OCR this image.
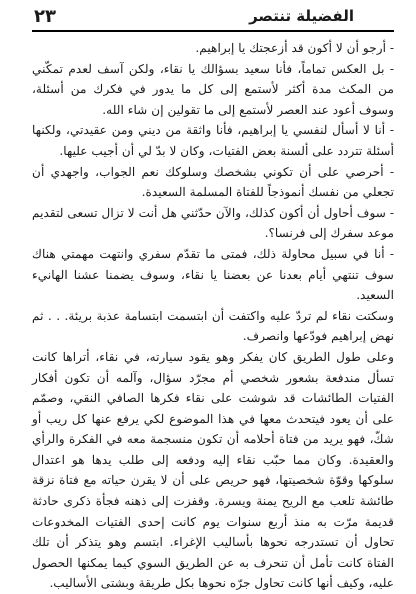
٢٣	الفضيلة تنتصر

- أرجو أن لا أكون قد أزعجتك يا إبراهيم.

- بل العكس تماماً، فأنا سعيد بسؤالك يا نقاء، ولكن آسف لعدم تمكّني من المكث مدة أكثر لأستمع إلى كل ما يدور في فكرك من أسئلة، وسوف أعود عند العصر لأستمع إلى ما تقولين إن شاء الله.

- أنا لا أسأل لنفسي يا إبراهيم، فأنا واثقة من ديني ومن عقيدتي، ولكنها أسئلة تتردد على ألسنة بعض الفتيات، وكان لا بدّ لي أن أجيب عليها.

- أحرصي على أن تكوني بشخصك وسلوكك نعم الجواب، واجهدي أن تجعلي من نفسك أنموذجاً للفتاة المسلمة السعيدة.

- سوف أحاول أن أكون كذلك، والآن حدّثني هل أنت لا تزال تسعى لتقديم موعد سفرك إلى فرنسا؟.

- أنا في سبيل محاولة ذلك، فمتى ما تقدّم سفري وانتهت مهمتي هناك سوف تنتهي أيام بعدنا عن بعضنا يا نقاء، وسوف يضمنا عشنا الهانيء السعيد.

وسكتت نقاء لم تردّ عليه واكتفت أن ابتسمت ابتسامة عذبة بريئة. . . ثم نهض إبراهيم فودّعها وانصرف.

وعلى طول الطريق كان يفكر وهو يقود سيارته، في نقاء، أتراها كانت تسأل مندفعة بشعور شخصي أم مجرّد سؤال، وآلمه أن تكون أفكار الفتيات الطائشات قد شوشت على نقاء فكرها الصافي النقي، وصمّم على أن يعود فيتحدث معها في هذا الموضوع لكي يرفع عنها كل ريب أو شكّ، فهو يريد من فتاة أحلامه أن تكون منسجمة معه في الفكرة والرأي والعقيدة. وكان مما حبّب نقاء إليه ودفعه إلى طلب يدها هو اعتدال سلوكها وقوّة شخصيتها، فهو حريص على أن لا يقرن حياته مع فتاة نزقة طائشة تلعب مع الريح يمنة ويسرة. وقفزت إلى ذهنه فجأة ذكرى حادثة قديمة مرّت به منذ أربع سنوات يوم كانت إحدى الفتيات المخدوعات تحاول أن تستدرجه نحوها بأساليب الإغراء. ابتسم وهو يتذكر أن تلك الفتاة كانت تأمل أن تنحرف به عن الطريق السوي كيما يمكنها الحصول عليه، وكيف أنها كانت تحاول جرّه نحوها بكل طريقة وبشتى الأساليب.
